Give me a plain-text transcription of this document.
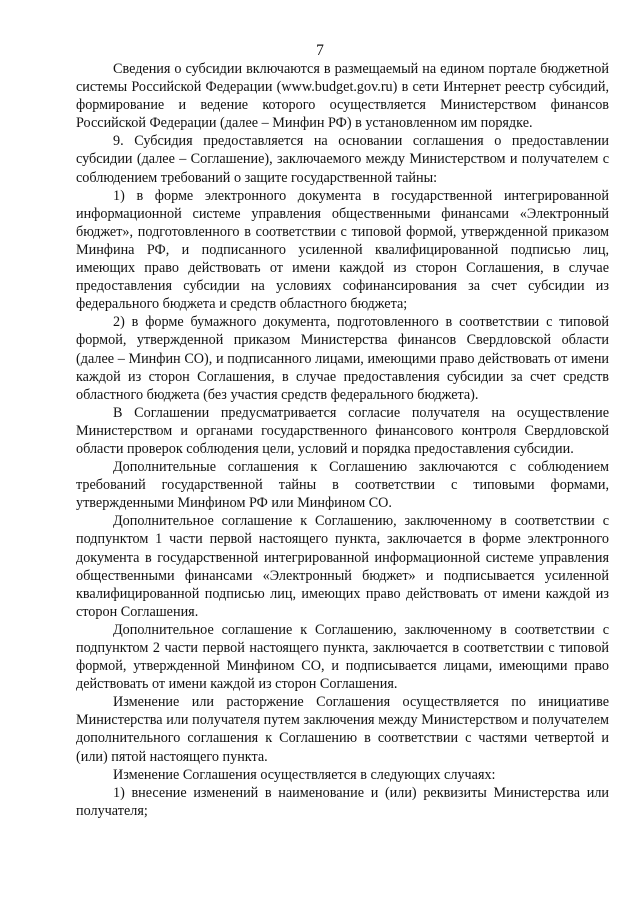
7

Сведения о субсидии включаются в размещаемый на едином портале бюджетной системы Российской Федерации (www.budget.gov.ru) в сети Интернет реестр субсидий, формирование и ведение которого осуществляется Министерством финансов Российской Федерации (далее – Минфин РФ) в установленном им порядке.

9. Субсидия предоставляется на основании соглашения о предоставлении субсидии (далее – Соглашение), заключаемого между Министерством и получателем с соблюдением требований о защите государственной тайны:

1) в форме электронного документа в государственной интегрированной информационной системе управления общественными финансами «Электронный бюджет», подготовленного в соответствии с типовой формой, утвержденной приказом Минфина РФ, и подписанного усиленной квалифицированной подписью лиц, имеющих право действовать от имени каждой из сторон Соглашения, в случае предоставления субсидии на условиях софинансирования за счет субсидии из федерального бюджета и средств областного бюджета;

2) в форме бумажного документа, подготовленного в соответствии с типовой формой, утвержденной приказом Министерства финансов Свердловской области (далее – Минфин СО), и подписанного лицами, имеющими право действовать от имени каждой из сторон Соглашения, в случае предоставления субсидии за счет средств областного бюджета (без участия средств федерального бюджета).

В Соглашении предусматривается согласие получателя на осуществление Министерством и органами государственного финансового контроля Свердловской области проверок соблюдения цели, условий и порядка предоставления субсидии.

Дополнительные соглашения к Соглашению заключаются с соблюдением требований государственной тайны в соответствии с типовыми формами, утвержденными Минфином РФ или Минфином СО.

Дополнительное соглашение к Соглашению, заключенному в соответствии с подпунктом 1 части первой настоящего пункта, заключается в форме электронного документа в государственной интегрированной информационной системе управления общественными финансами «Электронный бюджет» и подписывается усиленной квалифицированной подписью лиц, имеющих право действовать от имени каждой из сторон Соглашения.

Дополнительное соглашение к Соглашению, заключенному в соответствии с подпунктом 2 части первой настоящего пункта, заключается в соответствии с типовой формой, утвержденной Минфином СО, и подписывается лицами, имеющими право действовать от имени каждой из сторон Соглашения.

Изменение или расторжение Соглашения осуществляется по инициативе Министерства или получателя путем заключения между Министерством и получателем дополнительного соглашения к Соглашению в соответствии с частями четвертой и (или) пятой настоящего пункта.

Изменение Соглашения осуществляется в следующих случаях:

1) внесение изменений в наименование и (или) реквизиты Министерства или получателя;
